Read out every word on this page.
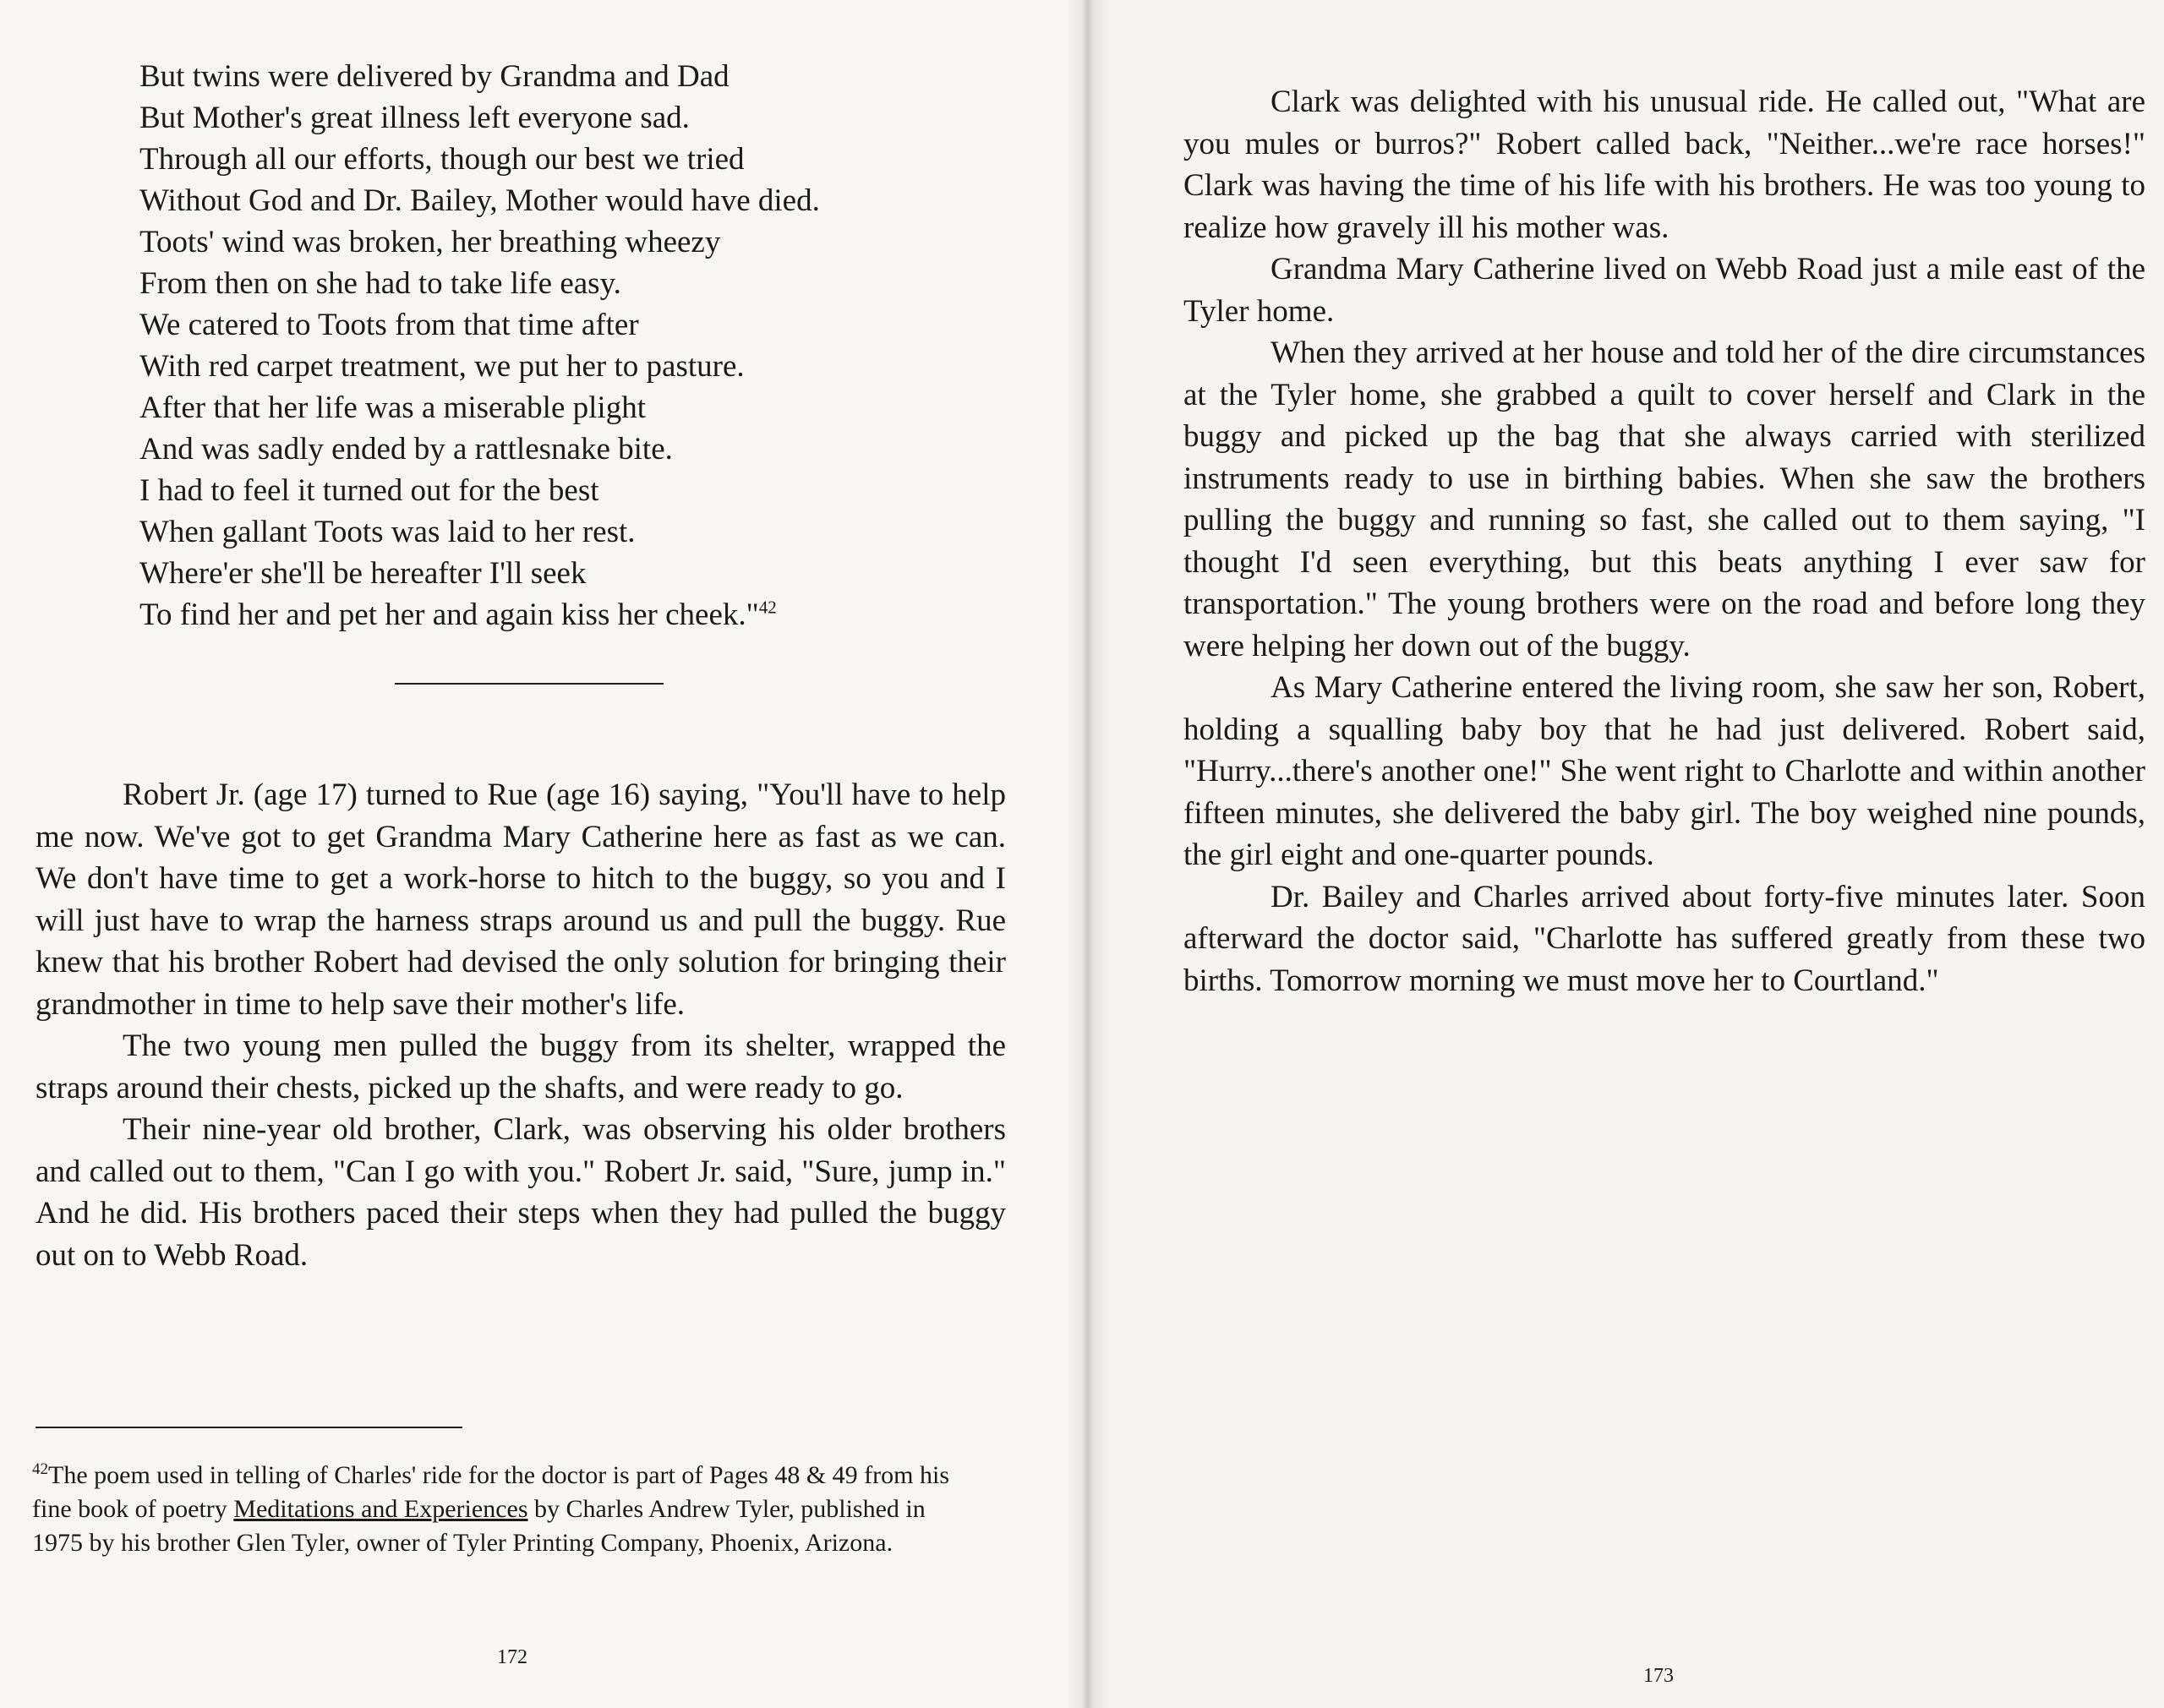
But twins were delivered by Grandma and Dad
But Mother's great illness left everyone sad.
Through all our efforts, though our best we tried
Without God and Dr. Bailey, Mother would have died.
Toots' wind was broken, her breathing wheezy
From then on she had to take life easy.
We catered to Toots from that time after
With red carpet treatment, we put her to pasture.
After that her life was a miserable plight
And was sadly ended by a rattlesnake bite.
I had to feel it turned out for the best
When gallant Toots was laid to her rest.
Where'er she'll be hereafter I'll seek
To find her and pet her and again kiss her cheek."$^{42}$

Robert Jr. (age 17) turned to Rue (age 16) saying, "You'll have to help me now. We've got to get Grandma Mary Catherine here as fast as we can. We don't have time to get a work-horse to hitch to the buggy, so you and I will just have to wrap the harness straps around us and pull the buggy. Rue knew that his brother Robert had devised the only solution for bringing their grandmother in time to help save their mother's life.

The two young men pulled the buggy from its shelter, wrapped the straps around their chests, picked up the shafts, and were ready to go.

Their nine-year old brother, Clark, was observing his older brothers and called out to them, "Can I go with you." Robert Jr. said, "Sure, jump in." And he did. His brothers paced their steps when they had pulled the buggy out on to Webb Road.

$^{42}$The poem used in telling of Charles' ride for the doctor is part of Pages 48 & 49 from his fine book of poetry Meditations and Experiences by Charles Andrew Tyler, published in 1975 by his brother Glen Tyler, owner of Tyler Printing Company, Phoenix, Arizona.
172

Clark was delighted with his unusual ride. He called out, "What are you mules or burros?" Robert called back, "Neither...we're race horses!" Clark was having the time of his life with his brothers. He was too young to realize how gravely ill his mother was.

Grandma Mary Catherine lived on Webb Road just a mile east of the Tyler home.

When they arrived at her house and told her of the dire circumstances at the Tyler home, she grabbed a quilt to cover herself and Clark in the buggy and picked up the bag that she always carried with sterilized instruments ready to use in birthing babies. When she saw the brothers pulling the buggy and running so fast, she called out to them saying, "I thought I'd seen everything, but this beats anything I ever saw for transportation." The young brothers were on the road and before long they were helping her down out of the buggy.

As Mary Catherine entered the living room, she saw her son, Robert, holding a squalling baby boy that he had just delivered. Robert said, "Hurry...there's another one!" She went right to Charlotte and within another fifteen minutes, she delivered the baby girl. The boy weighed nine pounds, the girl eight and one-quarter pounds.

Dr. Bailey and Charles arrived about forty-five minutes later. Soon afterward the doctor said, "Charlotte has suffered greatly from these two births. Tomorrow morning we must move her to Courtland."

173
